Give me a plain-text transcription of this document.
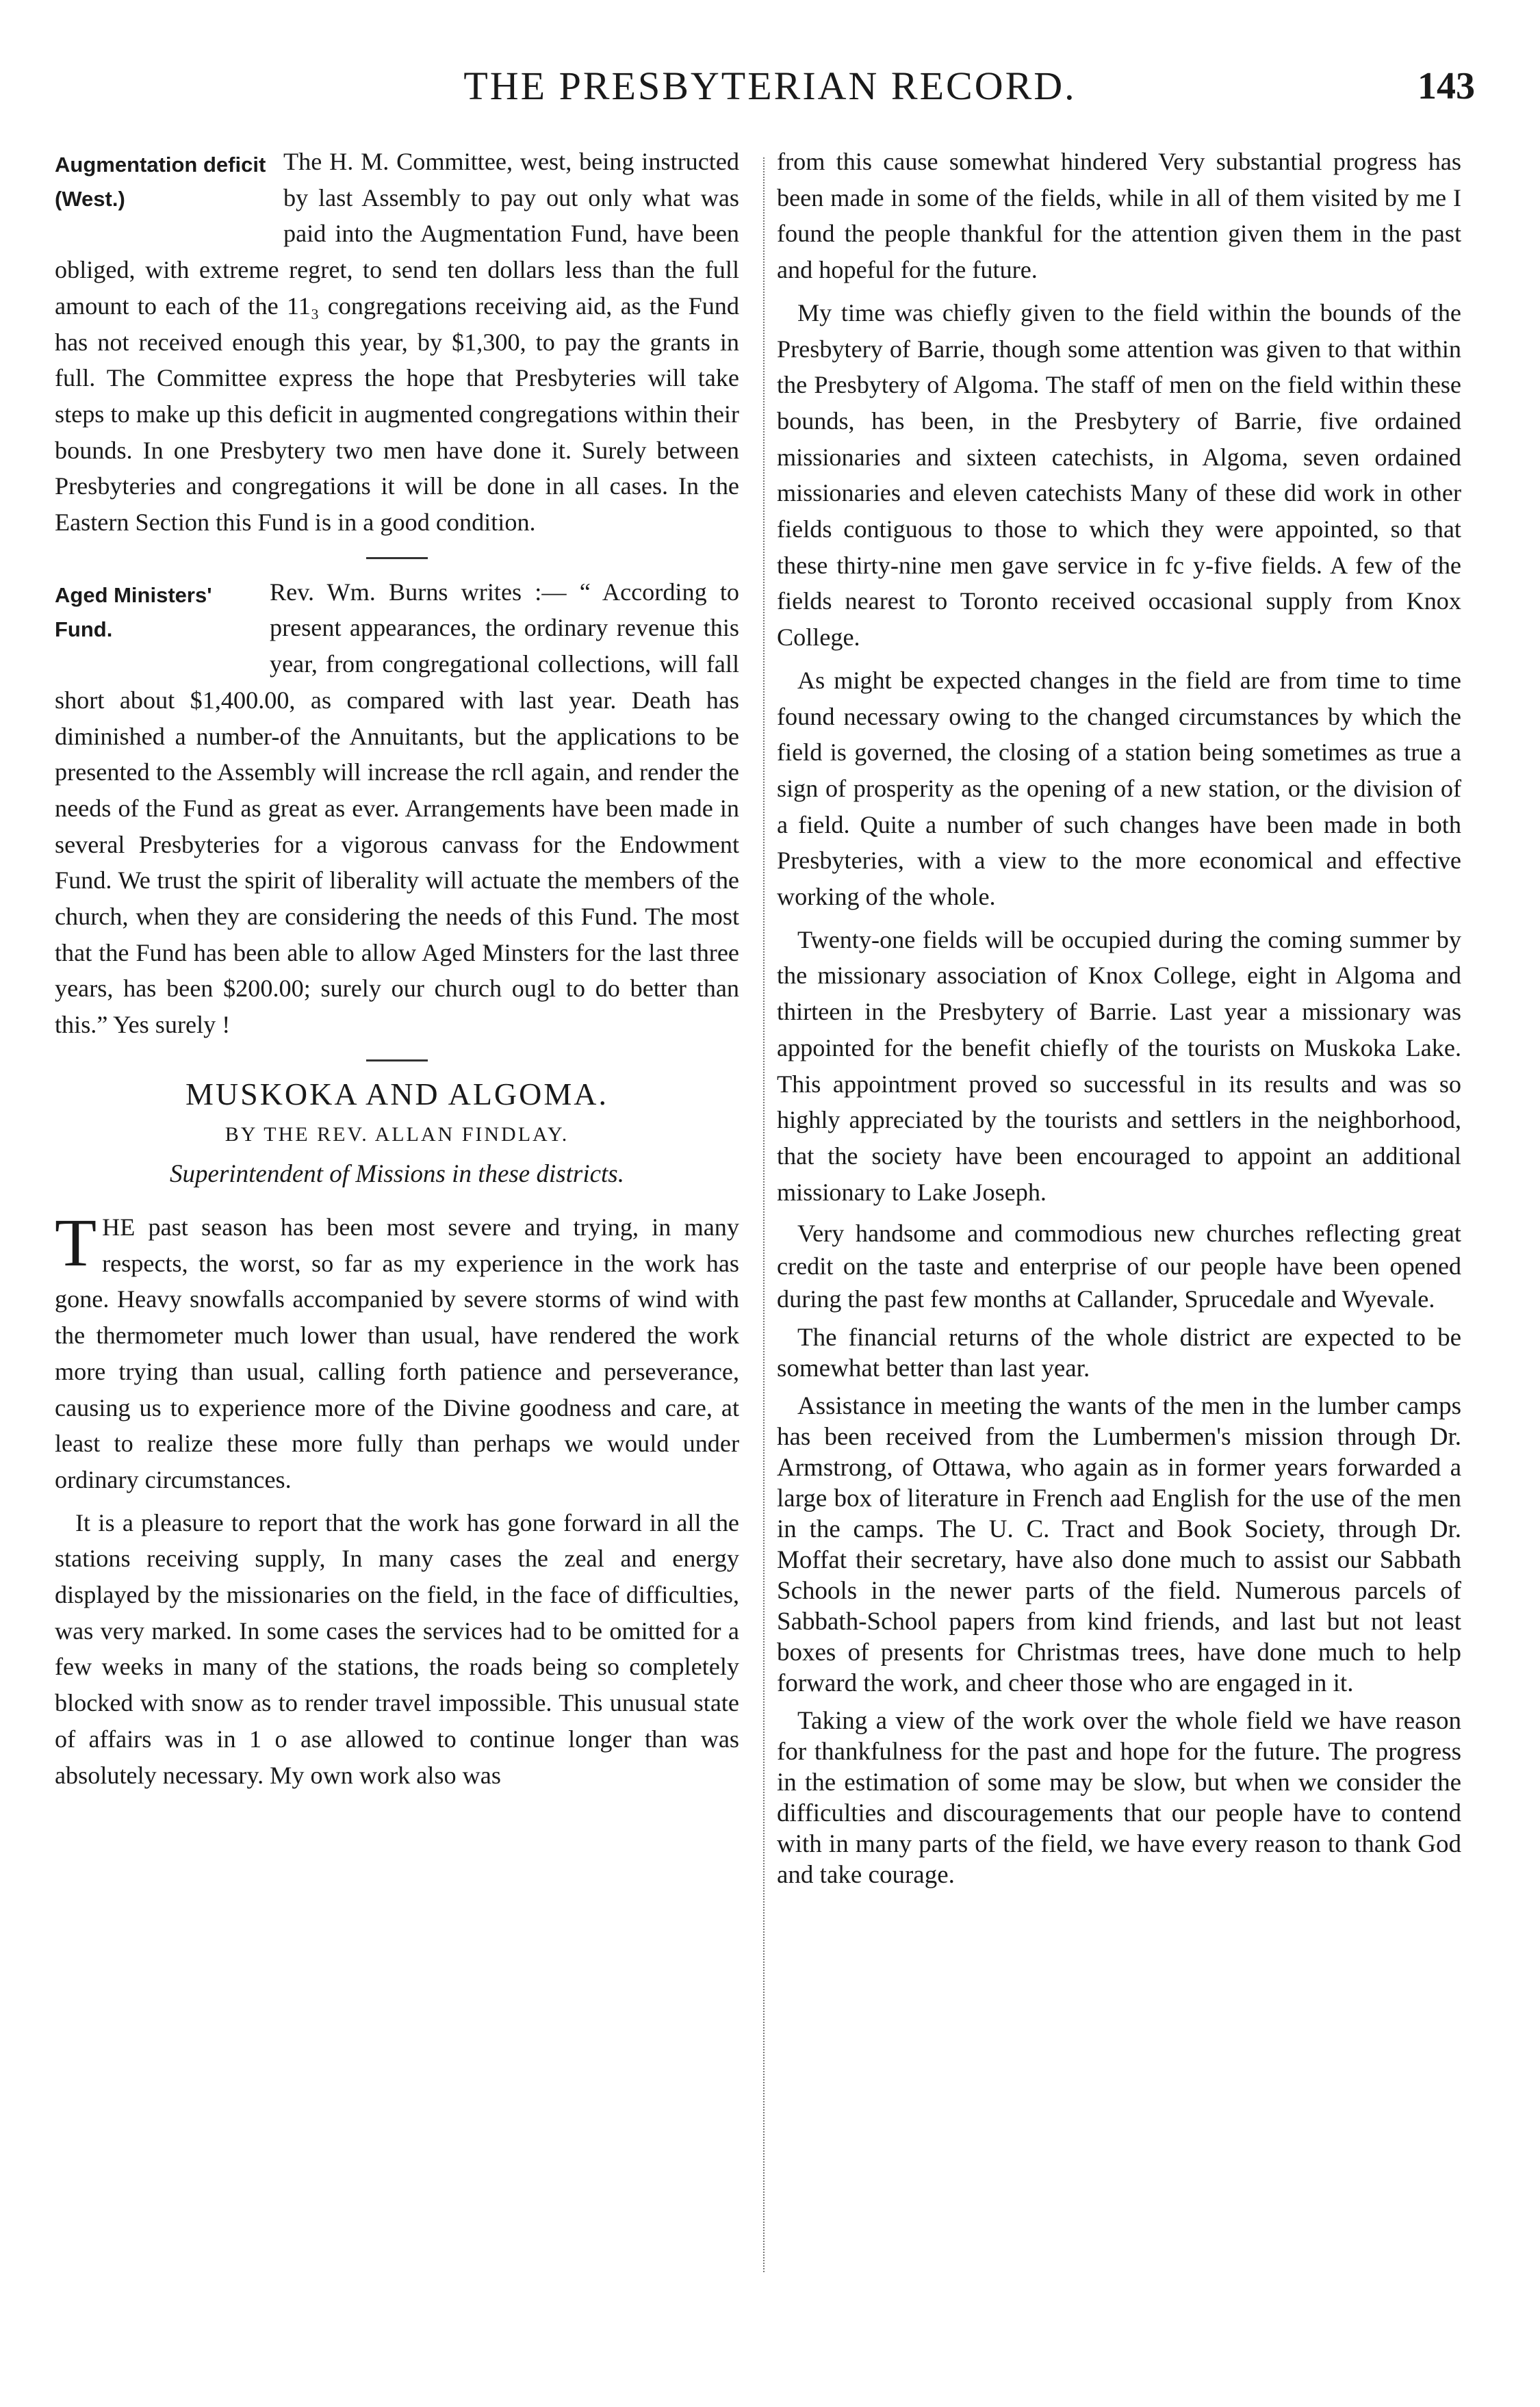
THE PRESBYTERIAN RECORD.	143
Augmentation deficit (West.)

The H. M. Committee, west, being instructed by last Assembly to pay out only what was paid into the Augmentation Fund, have been obliged, with extreme regret, to send ten dollars less than the full amount to each of the 11₃ congregations receiving aid, as the Fund has not received enough this year, by $1,300, to pay the grants in full. The Committee express the hope that Presbyteries will take steps to make up this deficit in augmented congregations within their bounds. In one Presbytery two men have done it. Surely between Presbyteries and congregations it will be done in all cases. In the Eastern Section this Fund is in a good condition.

Aged Ministers' Fund.

Rev. Wm. Burns writes :— “ According to present appearances, the ordinary revenue this year, from congregational collections, will fall short about $1,400.00, as compared with last year. Death has diminished a number-of the Annuitants, but the applications to be presented to the Assembly will increase the rcll again, and render the needs of the Fund as great as ever. Arrangements have been made in several Presbyteries for a vigorous canvass for the Endowment Fund. We trust the spirit of liberality will actuate the members of the church, when they are considering the needs of this Fund. The most that the Fund has been able to allow Aged Minsters for the last three years, has been $200.00; surely our church ougl to do better than this.” Yes surely !

MUSKOKA AND ALGOMA.
BY THE REV. ALLAN FINDLAY.
Superintendent of Missions in these districts.

T HE past season has been most severe and trying, in many respects, the worst, so far as my experience in the work has gone. Heavy snowfalls accompanied by severe storms of wind with the thermometer much lower than usual, have rendered the work more trying than usual, calling forth patience and perseverance, causing us to experience more of the Divine goodness and care, at least to realize these more fully than perhaps we would under ordinary circumstances.

It is a pleasure to report that the work has gone forward in all the stations receiving supply, In many cases the zeal and energy displayed by the missionaries on the field, in the face of difficulties, was very marked. In some cases the services had to be omitted for a few weeks in many of the stations, the roads being so completely blocked with snow as to render travel impossible. This unusual state of affairs was in 1 o ase allowed to continue longer than was absolutely necessary. My own work also was

from this cause somewhat hindered Very substantial progress has been made in some of the fields, while in all of them visited by me I found the people thankful for the attention given them in the past and hopeful for the future.

My time was chiefly given to the field within the bounds of the Presbytery of Barrie, though some attention was given to that within the Presbytery of Algoma. The staff of men on the field within these bounds, has been, in the Presbytery of Barrie, five ordained missionaries and sixteen catechists, in Algoma, seven ordained missionaries and eleven catechists Many of these did work in other fields contiguous to those to which they were appointed, so that these thirty-nine men gave service in fc y-five fields. A few of the fields nearest to Toronto received occasional supply from Knox College.

As might be expected changes in the field are from time to time found necessary owing to the changed circumstances by which the field is governed, the closing of a station being sometimes as true a sign of prosperity as the opening of a new station, or the division of a field. Quite a number of such changes have been made in both Presbyteries, with a view to the more economical and effective working of the whole.

Twenty-one fields will be occupied during the coming summer by the missionary association of Knox College, eight in Algoma and thirteen in the Presbytery of Barrie. Last year a missionary was appointed for the benefit chiefly of the tourists on Muskoka Lake. This appointment proved so successful in its results and was so highly appreciated by the tourists and settlers in the neighborhood, that the society have been encouraged to appoint an additional missionary to Lake Joseph.

Very handsome and commodious new churches reflecting great credit on the taste and enterprise of our people have been opened during the past few months at Callander, Sprucedale and Wyevale.

The financial returns of the whole district are expected to be somewhat better than last year.

Assistance in meeting the wants of the men in the lumber camps has been received from the Lumbermen's mission through Dr. Armstrong, of Ottawa, who again as in former years forwarded a large box of literature in French aad English for the use of the men in the camps. The U. C. Tract and Book Society, through Dr. Moffat their secretary, have also done much to assist our Sabbath Schools in the newer parts of the field. Numerous parcels of Sabbath-School papers from kind friends, and last but not least boxes of presents for Christmas trees, have done much to help forward the work, and cheer those who are engaged in it.

Taking a view of the work over the whole field we have reason for thankfulness for the past and hope for the future. The progress in the estimation of some may be slow, but when we consider the difficulties and discouragements that our people have to contend with in many parts of the field, we have every reason to thank God and take courage.
